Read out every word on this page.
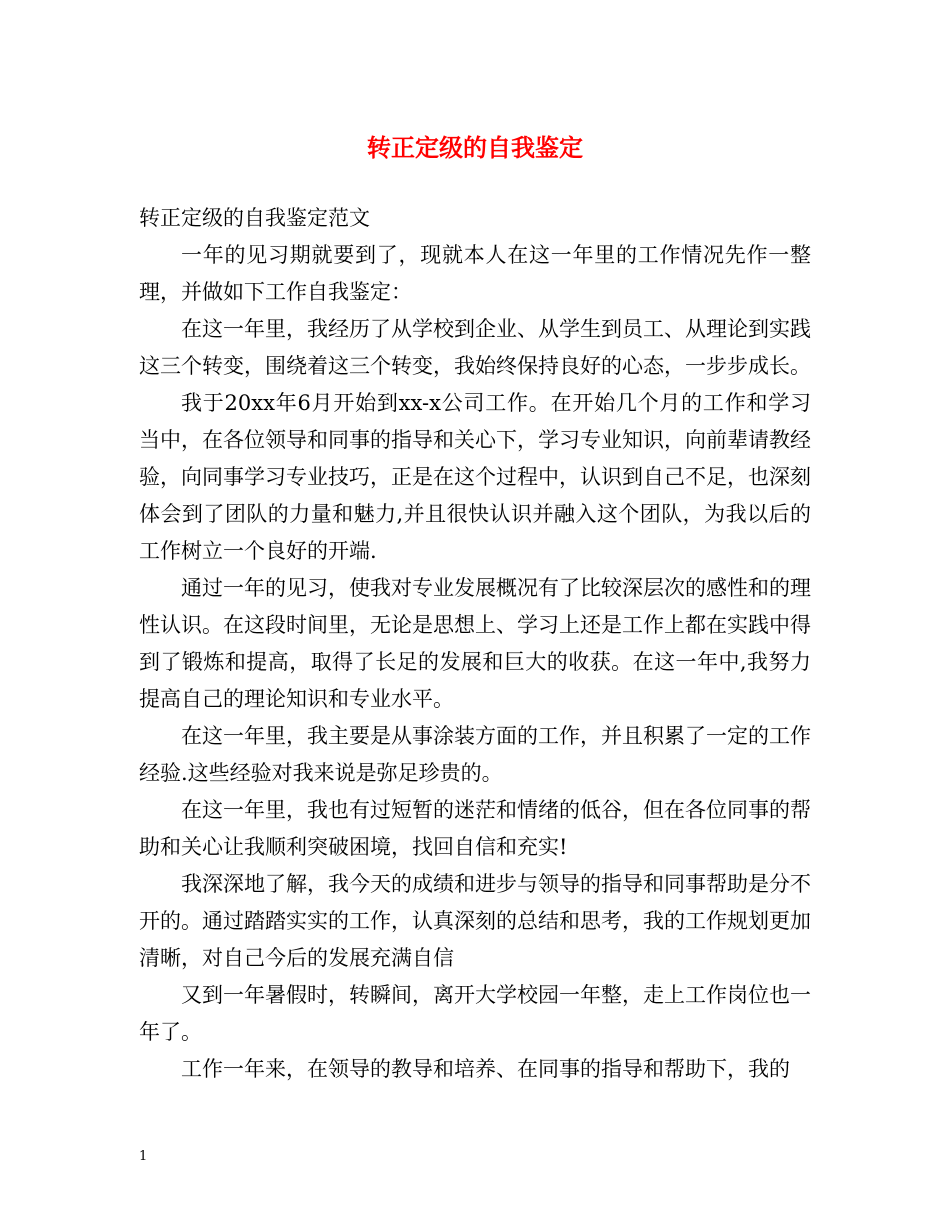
转正定级的自我鉴定

转正定级的自我鉴定范文

一年的见习期就要到了，现就本人在这一年里的工作情况先作一整理，并做如下工作自我鉴定：

在这一年里，我经历了从学校到企业、从学生到员工、从理论到实践这三个转变，围绕着这三个转变，我始终保持良好的心态，一步步成长。

我于20xx年6月开始到xx-x公司工作。在开始几个月的工作和学习当中，在各位领导和同事的指导和关心下，学习专业知识，向前辈请教经验，向同事学习专业技巧，正是在这个过程中，认识到自己不足，也深刻体会到了团队的力量和魅力,并且很快认识并融入这个团队，为我以后的工作树立一个良好的开端.

通过一年的见习，使我对专业发展概况有了比较深层次的感性和的理性认识。在这段时间里，无论是思想上、学习上还是工作上都在实践中得到了锻炼和提高，取得了长足的发展和巨大的收获。在这一年中,我努力提高自己的理论知识和专业水平。

在这一年里，我主要是从事涂装方面的工作，并且积累了一定的工作经验.这些经验对我来说是弥足珍贵的。

在这一年里，我也有过短暂的迷茫和情绪的低谷，但在各位同事的帮助和关心让我顺利突破困境，找回自信和充实!

我深深地了解，我今天的成绩和进步与领导的指导和同事帮助是分不开的。通过踏踏实实的工作，认真深刻的总结和思考，我的工作规划更加清晰，对自己今后的发展充满自信

又到一年暑假时，转瞬间，离开大学校园一年整，走上工作岗位也一年了。

工作一年来，在领导的教导和培养、在同事的指导和帮助下，我的

1
